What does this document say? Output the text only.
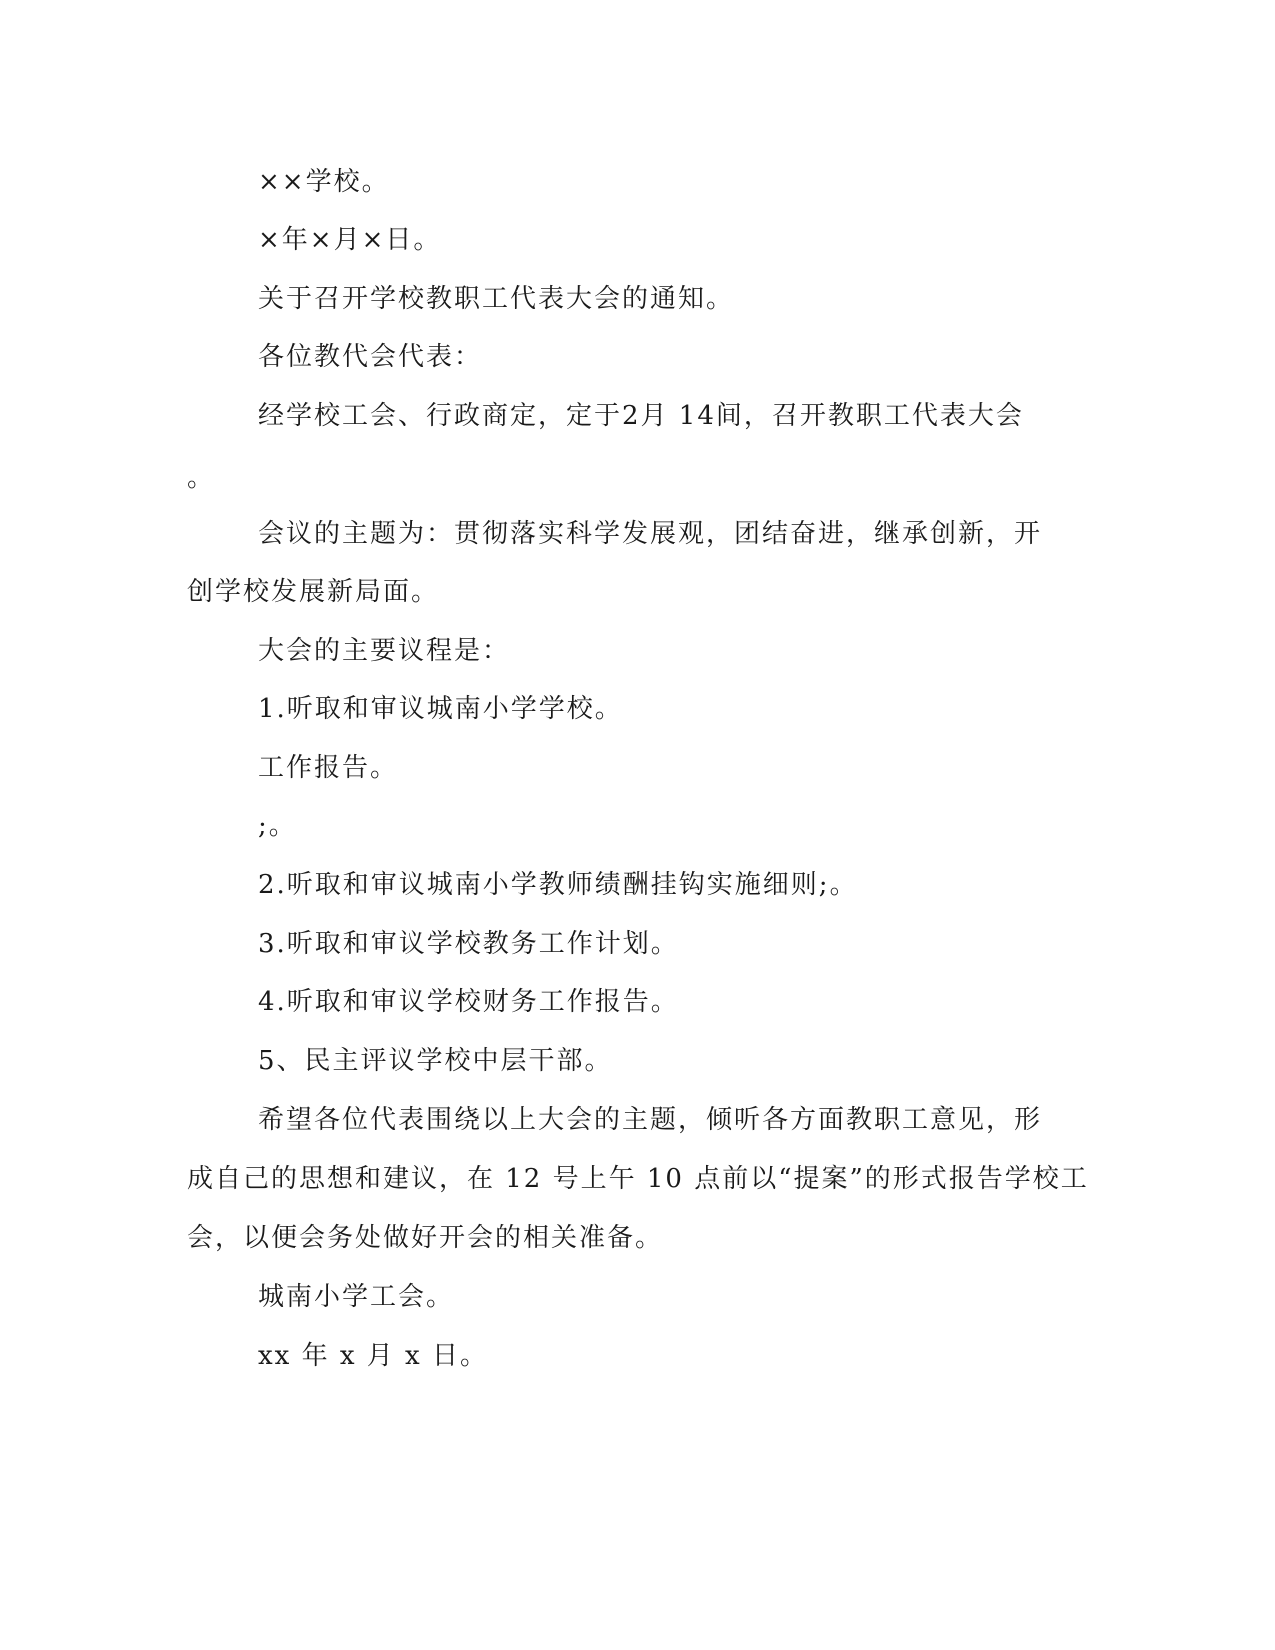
××学校。
×年×月×日。
关于召开学校教职工代表大会的通知。
各位教代会代表：
经学校工会、行政商定，定于2月 14间，召开教职工代表大会
。
会议的主题为：贯彻落实科学发展观，团结奋进，继承创新，开
创学校发展新局面。
大会的主要议程是：
1.听取和审议城南小学学校。
工作报告。
;。
2.听取和审议城南小学教师绩酬挂钩实施细则;。
3.听取和审议学校教务工作计划。
4.听取和审议学校财务工作报告。
5、民主评议学校中层干部。
希望各位代表围绕以上大会的主题，倾听各方面教职工意见，形
成自己的思想和建议，在 12 号上午 10 点前以“提案”的形式报告学校工
会，以便会务处做好开会的相关准备。
城南小学工会。
xx 年 x 月 x 日。
